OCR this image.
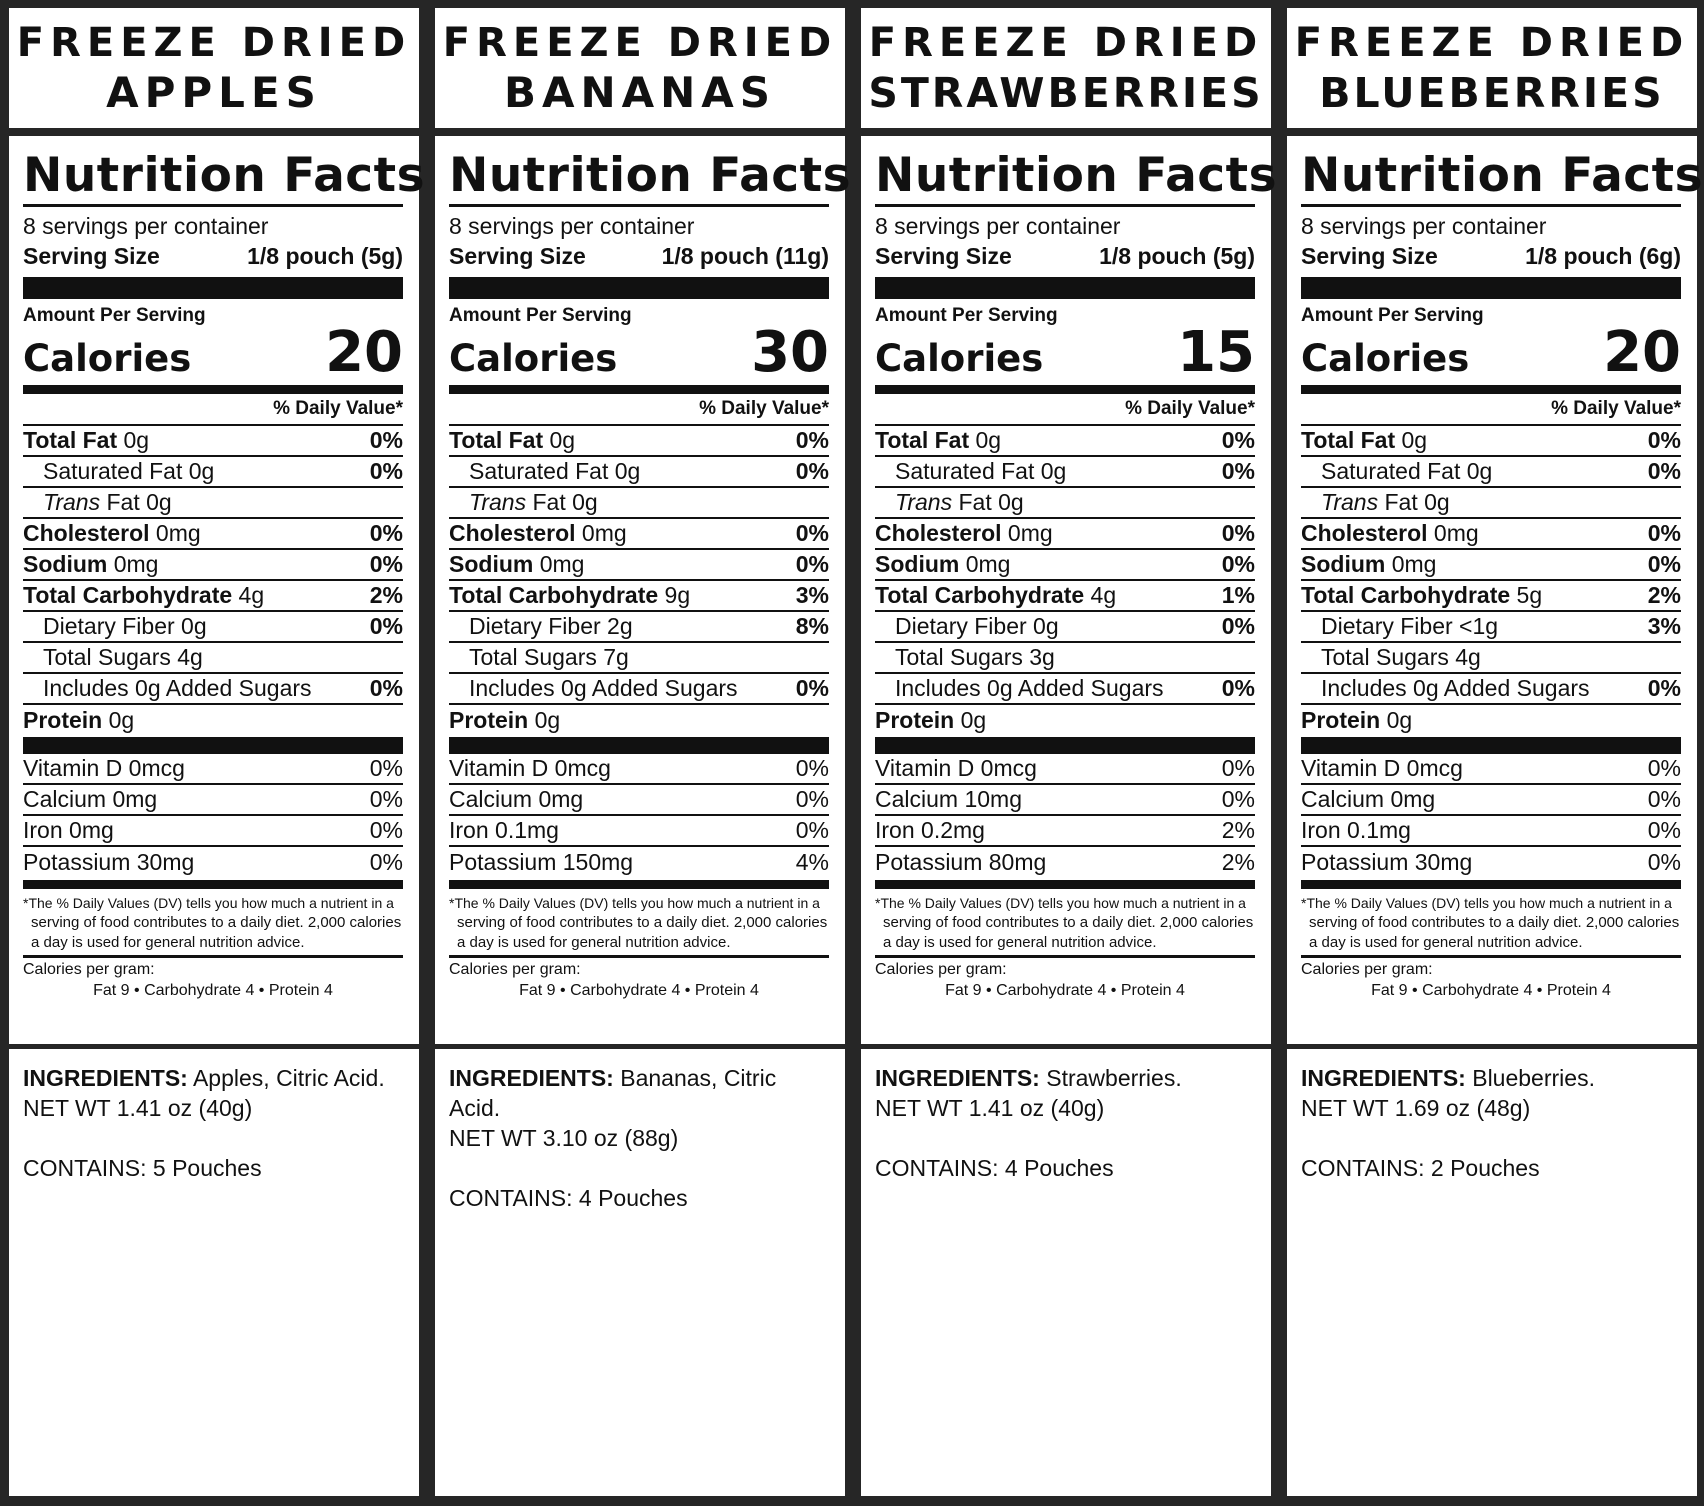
FREEZE DRIED
APPLES
Nutrition Facts
8 servings per container
Serving Size	1/8 pouch (5g)
Amount Per Serving
Calories 20
% Daily Value*
Total Fat 0g	0%
Saturated Fat 0g	0%
Trans Fat 0g
Cholesterol 0mg	0%
Sodium 0mg	0%
Total Carbohydrate 4g	2%
Dietary Fiber 0g	0%
Total Sugars 4g
Includes 0g Added Sugars	0%
Protein 0g
Vitamin D 0mcg	0%
Calcium 0mg	0%
Iron 0mg	0%
Potassium 30mg	0%
*The % Daily Values (DV) tells you how much a nutrient in a
serving of food contributes to a daily diet. 2,000 calories
a day is used for general nutrition advice.
Calories per gram:
Fat 9 • Carbohydrate 4 • Protein 4
INGREDIENTS: Apples, Citric Acid.
NET WT 1.41 oz (40g)
CONTAINS: 5 Pouches
FREEZE DRIED
BANANAS
Nutrition Facts
8 servings per container
Serving Size	1/8 pouch (11g)
Amount Per Serving
Calories 30
% Daily Value*
Total Fat 0g	0%
Saturated Fat 0g	0%
Trans Fat 0g
Cholesterol 0mg	0%
Sodium 0mg	0%
Total Carbohydrate 9g	3%
Dietary Fiber 2g	8%
Total Sugars 7g
Includes 0g Added Sugars	0%
Protein 0g
Vitamin D 0mcg	0%
Calcium 0mg	0%
Iron 0.1mg	0%
Potassium 150mg	4%
*The % Daily Values (DV) tells you how much a nutrient in a
serving of food contributes to a daily diet. 2,000 calories
a day is used for general nutrition advice.
Calories per gram:
Fat 9 • Carbohydrate 4 • Protein 4
INGREDIENTS: Bananas, Citric Acid.
NET WT 3.10 oz (88g)
CONTAINS: 4 Pouches
FREEZE DRIED
STRAWBERRIES
Nutrition Facts
8 servings per container
Serving Size	1/8 pouch (5g)
Amount Per Serving
Calories 15
% Daily Value*
Total Fat 0g	0%
Saturated Fat 0g	0%
Trans Fat 0g
Cholesterol 0mg	0%
Sodium 0mg	0%
Total Carbohydrate 4g	1%
Dietary Fiber 0g	0%
Total Sugars 3g
Includes 0g Added Sugars	0%
Protein 0g
Vitamin D 0mcg	0%
Calcium 10mg	0%
Iron 0.2mg	2%
Potassium 80mg	2%
*The % Daily Values (DV) tells you how much a nutrient in a
serving of food contributes to a daily diet. 2,000 calories
a day is used for general nutrition advice.
Calories per gram:
Fat 9 • Carbohydrate 4 • Protein 4
INGREDIENTS: Strawberries.
NET WT 1.41 oz (40g)
CONTAINS: 4 Pouches
FREEZE DRIED
BLUEBERRIES
Nutrition Facts
8 servings per container
Serving Size	1/8 pouch (6g)
Amount Per Serving
Calories 20
% Daily Value*
Total Fat 0g	0%
Saturated Fat 0g	0%
Trans Fat 0g
Cholesterol 0mg	0%
Sodium 0mg	0%
Total Carbohydrate 5g	2%
Dietary Fiber <1g	3%
Total Sugars 4g
Includes 0g Added Sugars	0%
Protein 0g
Vitamin D 0mcg	0%
Calcium 0mg	0%
Iron 0.1mg	0%
Potassium 30mg	0%
*The % Daily Values (DV) tells you how much a nutrient in a
serving of food contributes to a daily diet. 2,000 calories
a day is used for general nutrition advice.
Calories per gram:
Fat 9 • Carbohydrate 4 • Protein 4
INGREDIENTS: Blueberries.
NET WT 1.69 oz (48g)
CONTAINS: 2 Pouches
